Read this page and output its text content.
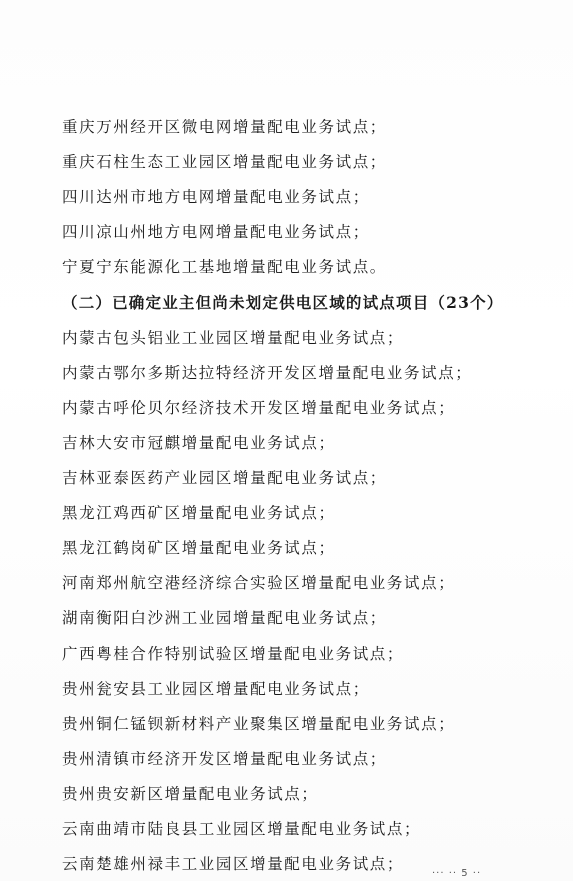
重庆万州经开区微电网增量配电业务试点；
重庆石柱生态工业园区增量配电业务试点；
四川达州市地方电网增量配电业务试点；
四川凉山州地方电网增量配电业务试点；
宁夏宁东能源化工基地增量配电业务试点。
（二）已确定业主但尚未划定供电区域的试点项目（23个）
内蒙古包头铝业工业园区增量配电业务试点；
内蒙古鄂尔多斯达拉特经济开发区增量配电业务试点；
内蒙古呼伦贝尔经济技术开发区增量配电业务试点；
吉林大安市冠麒增量配电业务试点；
吉林亚泰医药产业园区增量配电业务试点；
黑龙江鸡西矿区增量配电业务试点；
黑龙江鹤岗矿区增量配电业务试点；
河南郑州航空港经济综合实验区增量配电业务试点；
湖南衡阳白沙洲工业园增量配电业务试点；
广西粤桂合作特别试验区增量配电业务试点；
贵州瓮安县工业园区增量配电业务试点；
贵州铜仁锰钡新材料产业聚集区增量配电业务试点；
贵州清镇市经济开发区增量配电业务试点；
贵州贵安新区增量配电业务试点；
云南曲靖市陆良县工业园区增量配电业务试点；
云南楚雄州禄丰工业园区增量配电业务试点；
··· ·· 5 ··
